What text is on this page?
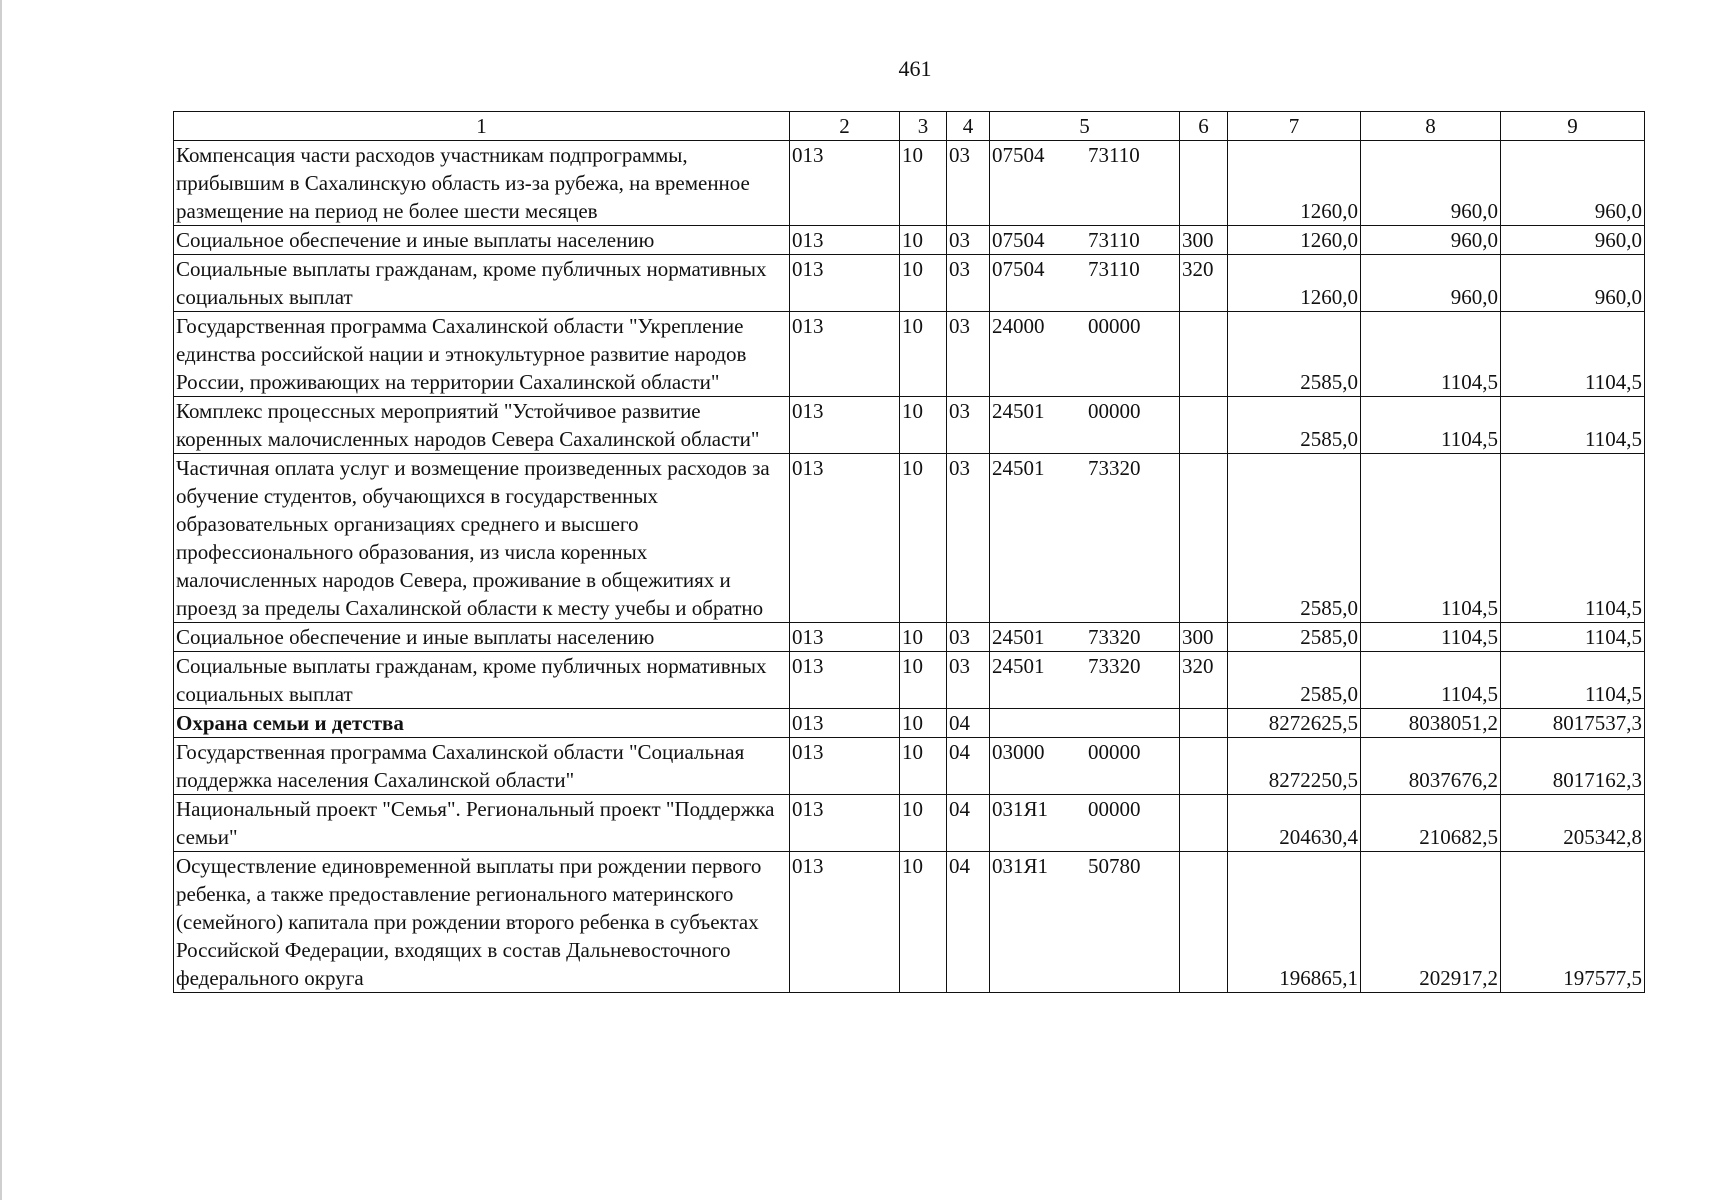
461
1	2	3	4	5	6	7	8	9
Компенсация части расходов участникам подпрограммы, прибывшим в Сахалинскую область из-за рубежа, на временное размещение на период не более шести месяцев	013	10	03	07504 73110		1260,0	960,0	960,0
Социальное обеспечение и иные выплаты населению	013	10	03	07504 73110	300	1260,0	960,0	960,0
Социальные выплаты гражданам, кроме публичных нормативных социальных выплат	013	10	03	07504 73110	320	1260,0	960,0	960,0
Государственная программа Сахалинской области "Укрепление единства российской нации и этнокультурное развитие народов России, проживающих на территории Сахалинской области"	013	10	03	24000 00000		2585,0	1104,5	1104,5
Комплекс процессных мероприятий "Устойчивое развитие коренных малочисленных народов Севера Сахалинской области"	013	10	03	24501 00000		2585,0	1104,5	1104,5
Частичная оплата услуг и возмещение произведенных расходов за обучение студентов, обучающихся в государственных образовательных организациях среднего и высшего профессионального образования, из числа коренных малочисленных народов Севера, проживание в общежитиях и проезд за пределы Сахалинской области к месту учебы и обратно	013	10	03	24501 73320		2585,0	1104,5	1104,5
Социальное обеспечение и иные выплаты населению	013	10	03	24501 73320	300	2585,0	1104,5	1104,5
Социальные выплаты гражданам, кроме публичных нормативных социальных выплат	013	10	03	24501 73320	320	2585,0	1104,5	1104,5
Охрана семьи и детства	013	10	04			8272625,5	8038051,2	8017537,3
Государственная программа Сахалинской области "Социальная поддержка населения Сахалинской области"	013	10	04	03000 00000		8272250,5	8037676,2	8017162,3
Национальный проект "Семья". Региональный проект "Поддержка семьи"	013	10	04	031Я1 00000		204630,4	210682,5	205342,8
Осуществление единовременной выплаты при рождении первого ребенка, а также предоставление регионального материнского (семейного) капитала при рождении второго ребенка в субъектах Российской Федерации, входящих в состав Дальневосточного федерального округа	013	10	04	031Я1 50780		196865,1	202917,2	197577,5
